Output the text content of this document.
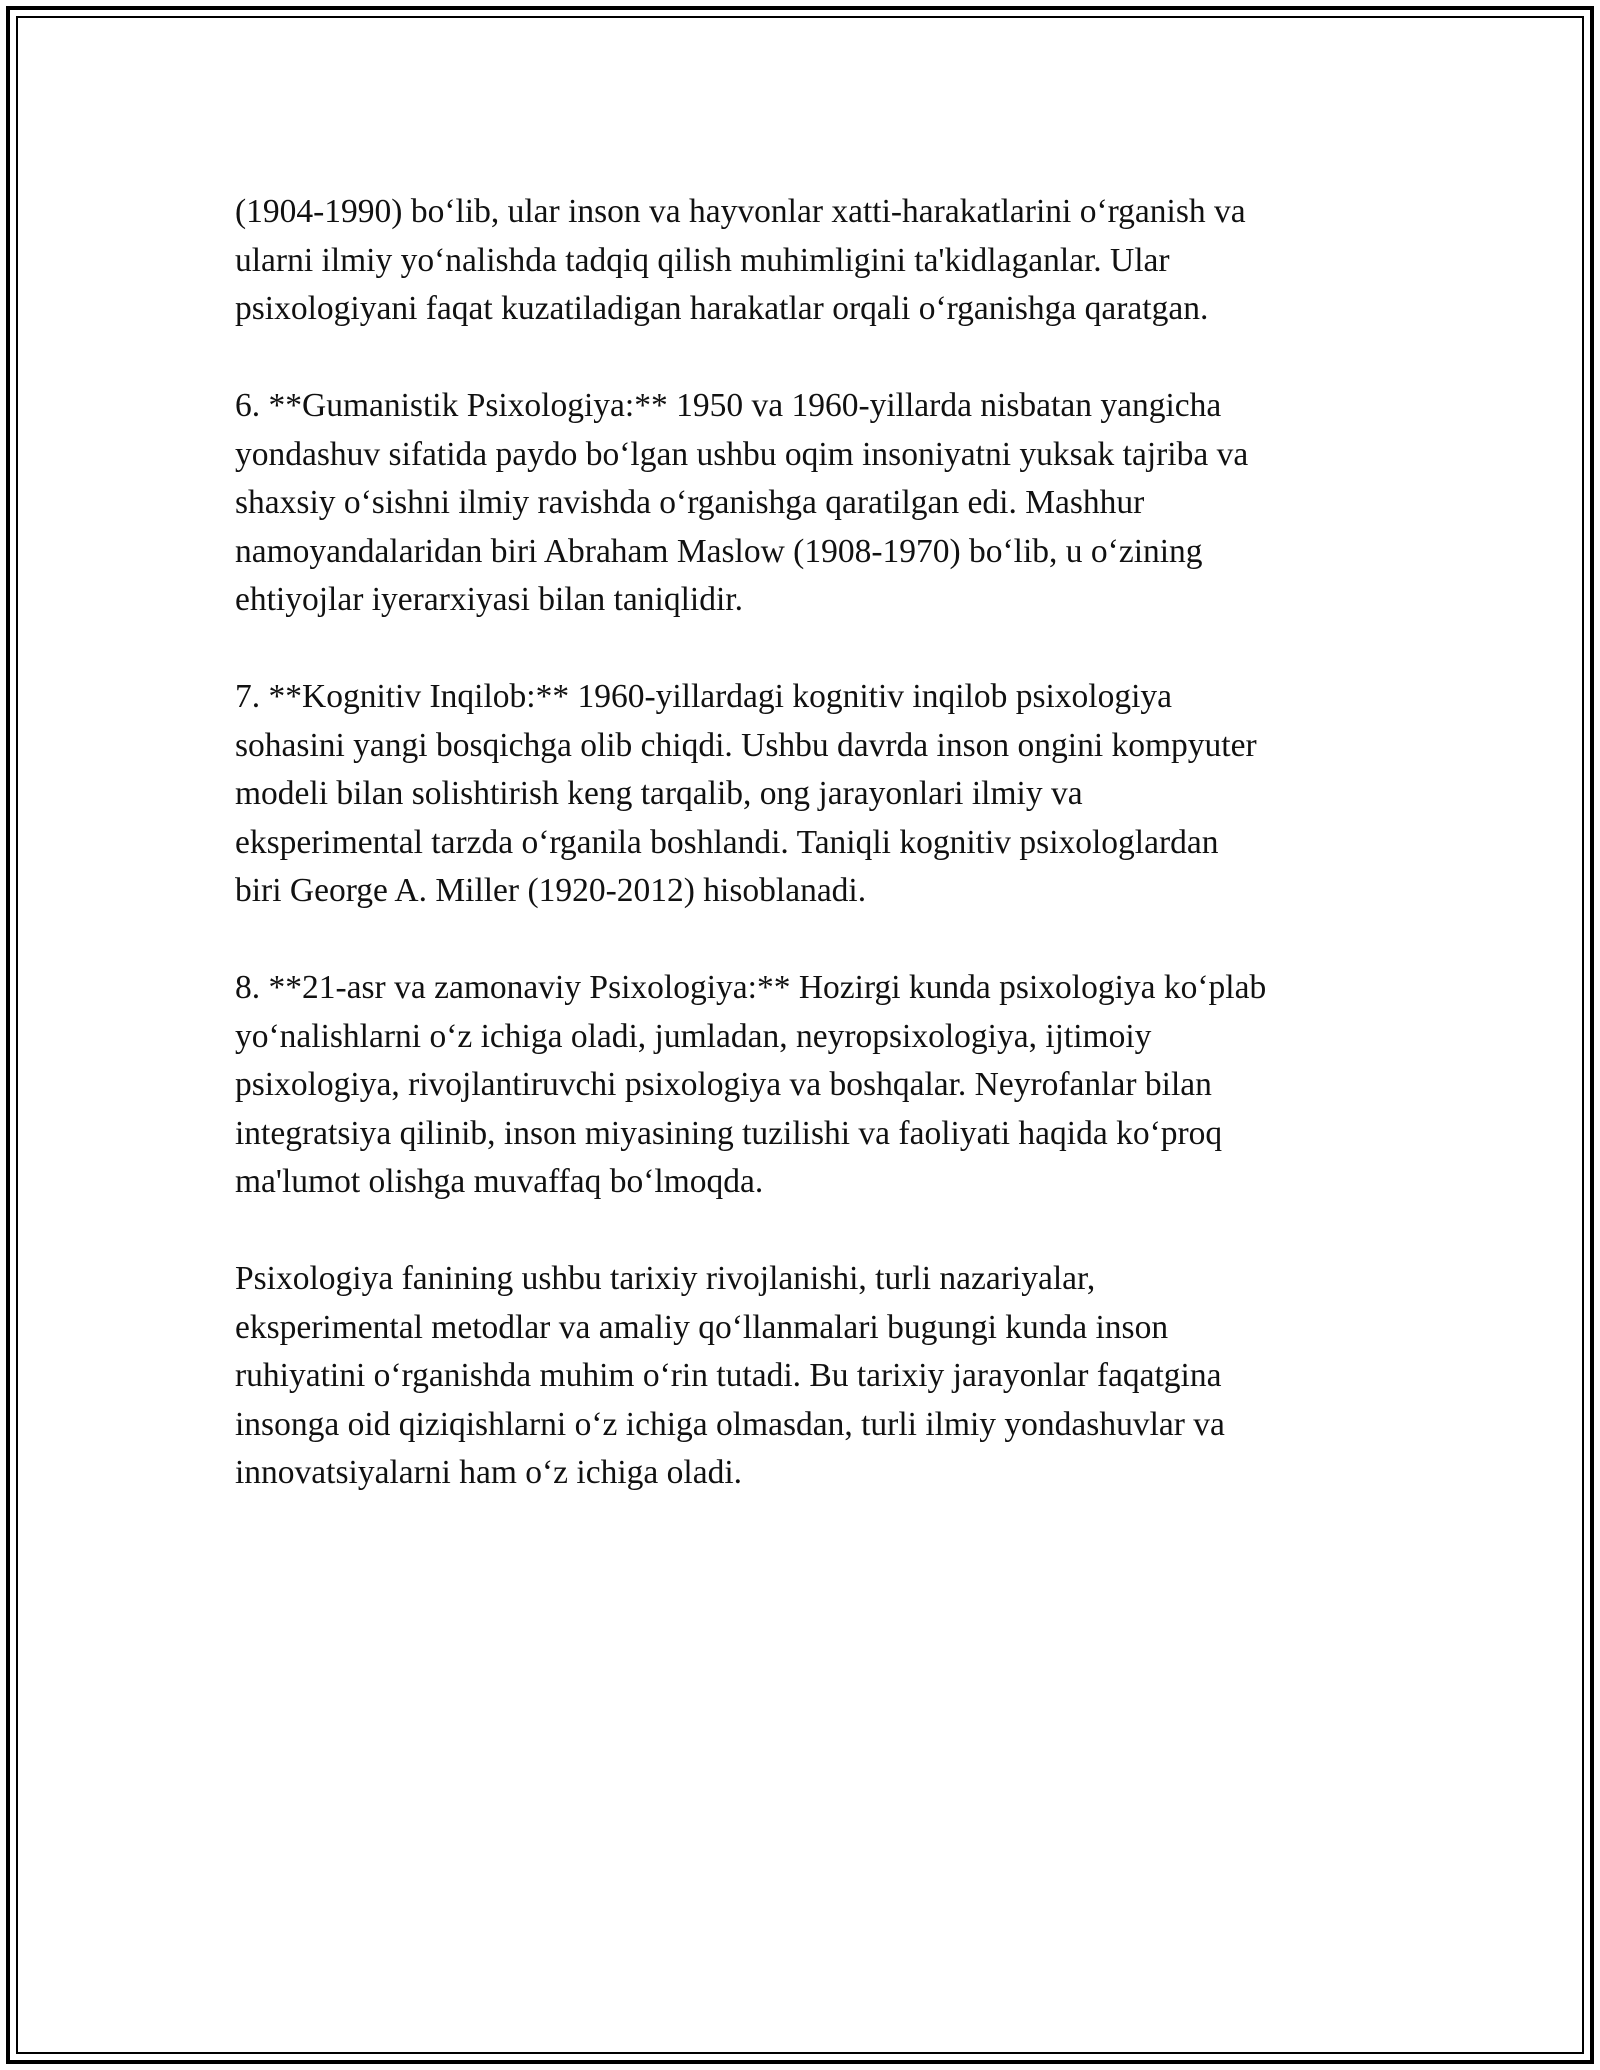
(1904-1990) bo‘lib, ular inson va hayvonlar xatti-harakatlarini o‘rganish va
ularni ilmiy yo‘nalishda tadqiq qilish muhimligini ta'kidlaganlar. Ular
psixologiyani faqat kuzatiladigan harakatlar orqali o‘rganishga qaratgan.

6. **Gumanistik Psixologiya:** 1950 va 1960-yillarda nisbatan yangicha
yondashuv sifatida paydo bo‘lgan ushbu oqim insoniyatni yuksak tajriba va
shaxsiy o‘sishni ilmiy ravishda o‘rganishga qaratilgan edi. Mashhur
namoyandalaridan biri Abraham Maslow (1908-1970) bo‘lib, u o‘zining
ehtiyojlar iyerarxiyasi bilan taniqlidir.

7. **Kognitiv Inqilob:** 1960-yillardagi kognitiv inqilob psixologiya
sohasini yangi bosqichga olib chiqdi. Ushbu davrda inson ongini kompyuter
modeli bilan solishtirish keng tarqalib, ong jarayonlari ilmiy va
eksperimental tarzda o‘rganila boshlandi. Taniqli kognitiv psixologlardan
biri George A. Miller (1920-2012) hisoblanadi.

8. **21-asr va zamonaviy Psixologiya:** Hozirgi kunda psixologiya ko‘plab
yo‘nalishlarni o‘z ichiga oladi, jumladan, neyropsixologiya, ijtimoiy
psixologiya, rivojlantiruvchi psixologiya va boshqalar. Neyrofanlar bilan
integratsiya qilinib, inson miyasining tuzilishi va faoliyati haqida ko‘proq
ma'lumot olishga muvaffaq bo‘lmoqda.

Psixologiya fanining ushbu tarixiy rivojlanishi, turli nazariyalar,
eksperimental metodlar va amaliy qo‘llanmalari bugungi kunda inson
ruhiyatini o‘rganishda muhim o‘rin tutadi. Bu tarixiy jarayonlar faqatgina
insonga oid qiziqishlarni o‘z ichiga olmasdan, turli ilmiy yondashuvlar va
innovatsiyalarni ham o‘z ichiga oladi.
